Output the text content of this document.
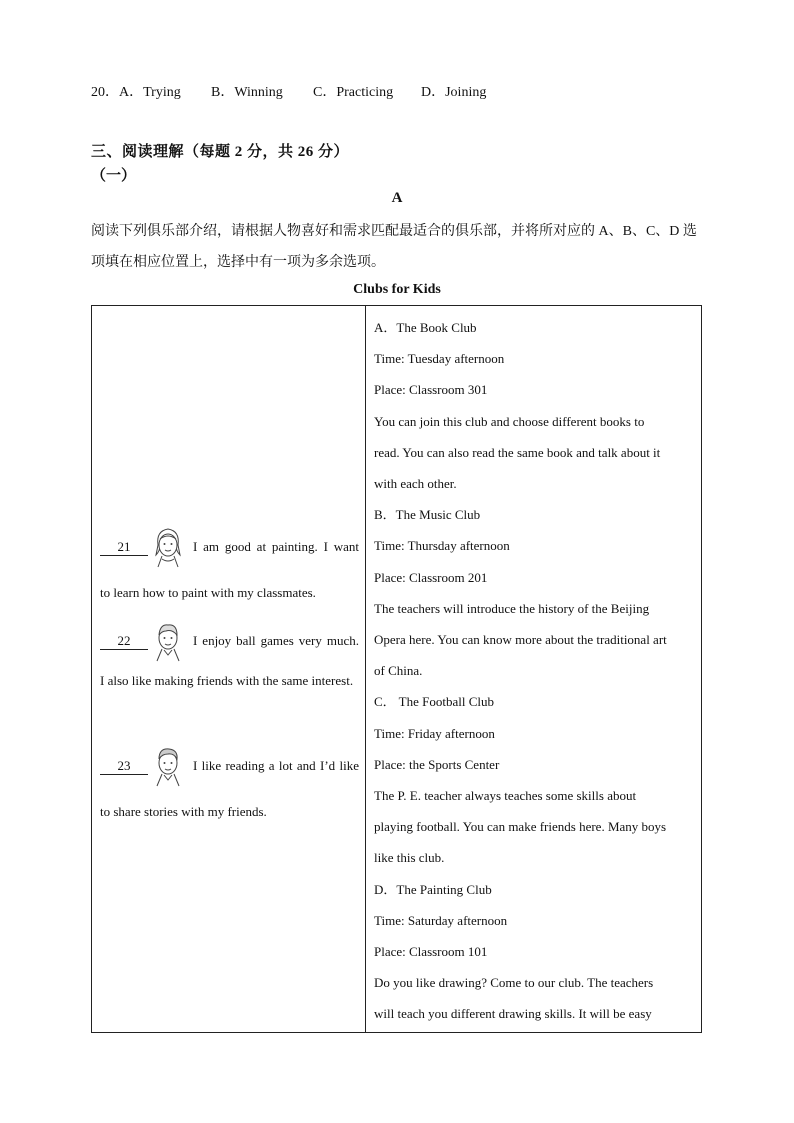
20．A．Trying B．Winning C．Practicing D．Joining
三、阅读理解（每题 2 分，共 26 分）
（一）
A
阅读下列俱乐部介绍，请根据人物喜好和需求匹配最适合的俱乐部，并将所对应的 A、B、C、D 选项填在相应位置上，选择中有一项为多余选项。
Clubs for Kids
21	I am good at painting. I want
to learn how to paint with my classmates.
22	I enjoy ball games very much.
I also like making friends with the same interest.
23	I like reading a lot and I’d like
to share stories with my friends.
A．The Book Club
Time: Tuesday afternoon
Place: Classroom 301
You can join this club and choose different books to
read. You can also read the same book and talk about it
with each other.
B．The Music Club
Time: Thursday afternoon
Place: Classroom 201
The teachers will introduce the history of the Beijing
Opera here. You can know more about the traditional art
of China.
C． The Football Club
Time: Friday afternoon
Place: the Sports Center
The P. E. teacher always teaches some skills about
playing football. You can make friends here. Many boys
like this club.
D．The Painting Club
Time: Saturday afternoon
Place: Classroom 101
Do you like drawing? Come to our club. The teachers
will teach you different drawing skills. It will be easy
